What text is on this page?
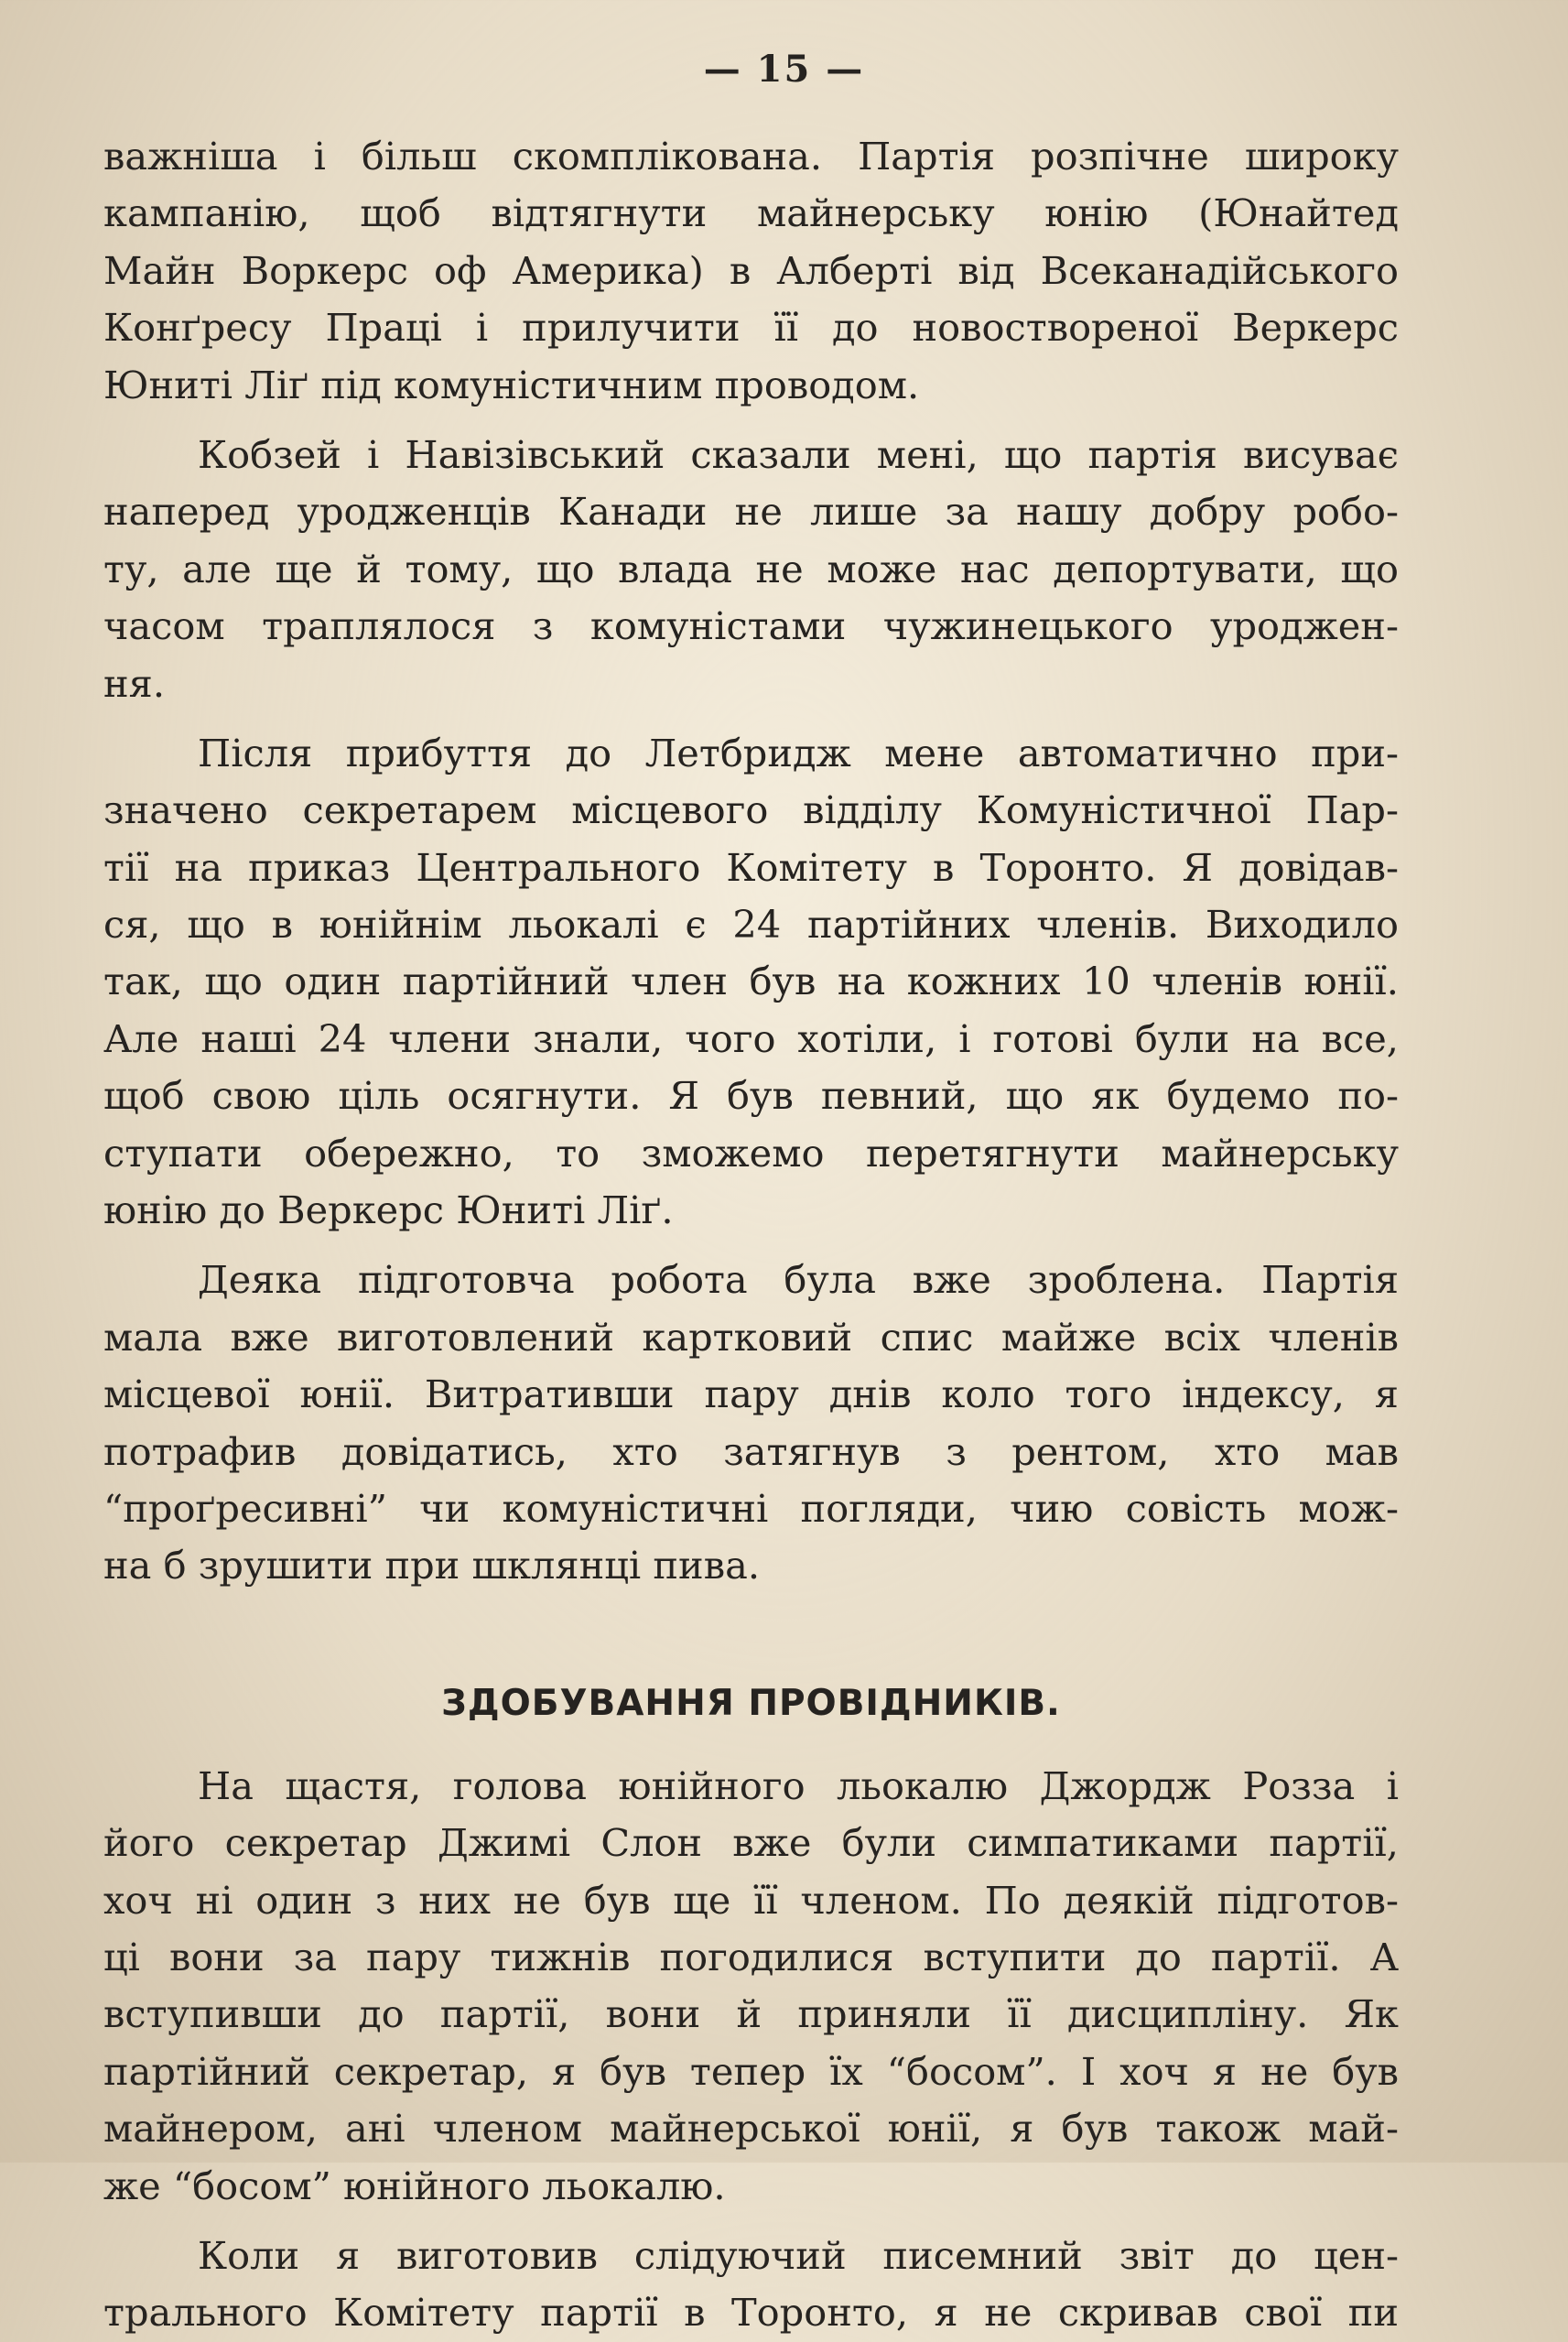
— 15 —
важніша і більш скомплікована. Партія розпічне широку
кампанію, щоб відтягнути майнерську юнію (Юнайтед
Майн Воркерс оф Америка) в Алберті від Всеканадійського
Конґресу Праці і прилучити її до новоствореної Веркерс
Юниті Ліґ під комуністичним проводом.
Кобзей і Навізівський сказали мені, що партія висуває
наперед уродженців Канади не лише за нашу добру робо-
ту, але ще й тому, що влада не може нас депортувати, що
часом траплялося з комуністами чужинецького уроджен-
ня.
Після прибуття до Летбридж мене автоматично при-
значено секретарем місцевого відділу Комуністичної Пар-
тії на приказ Центрального Комітету в Торонто. Я довідав-
ся, що в юнійнім льокалі є 24 партійних членів. Виходило
так, що один партійний член був на кожних 10 членів юнії.
Але наші 24 члени знали, чого хотіли, і готові були на все,
щоб свою ціль осягнути. Я був певний, що як будемо по-
ступати обережно, то зможемо перетягнути майнерську
юнію до Веркерс Юниті Ліґ.
Деяка підготовча робота була вже зроблена. Партія
мала вже виготовлений картковий спис майже всіх членів
місцевої юнії. Витративши пару днів коло того індексу, я
потрафив довідатись, хто затягнув з рентом, хто мав
“проґресивні” чи комуністичні погляди, чию совість мож-
на б зрушити при шклянці пива.
ЗДОБУВАННЯ ПРОВІДНИКІВ.
На щастя, голова юнійного льокалю Джордж Розза і
його секретар Джимі Слон вже були симпатиками партії,
хоч ні один з них не був ще її членом. По деякій підготов-
ці вони за пару тижнів погодилися вступити до партії. А
вступивши до партії, вони й приняли її дисципліну. Як
партійний секретар, я був тепер їх “босом”. І хоч я не був
майнером, ані членом майнерської юнії, я був також май-
же “босом” юнійного льокалю.
Коли я виготовив слідуючий писемний звіт до цен-
трального Комітету партії в Торонто, я не скривав свої пи
